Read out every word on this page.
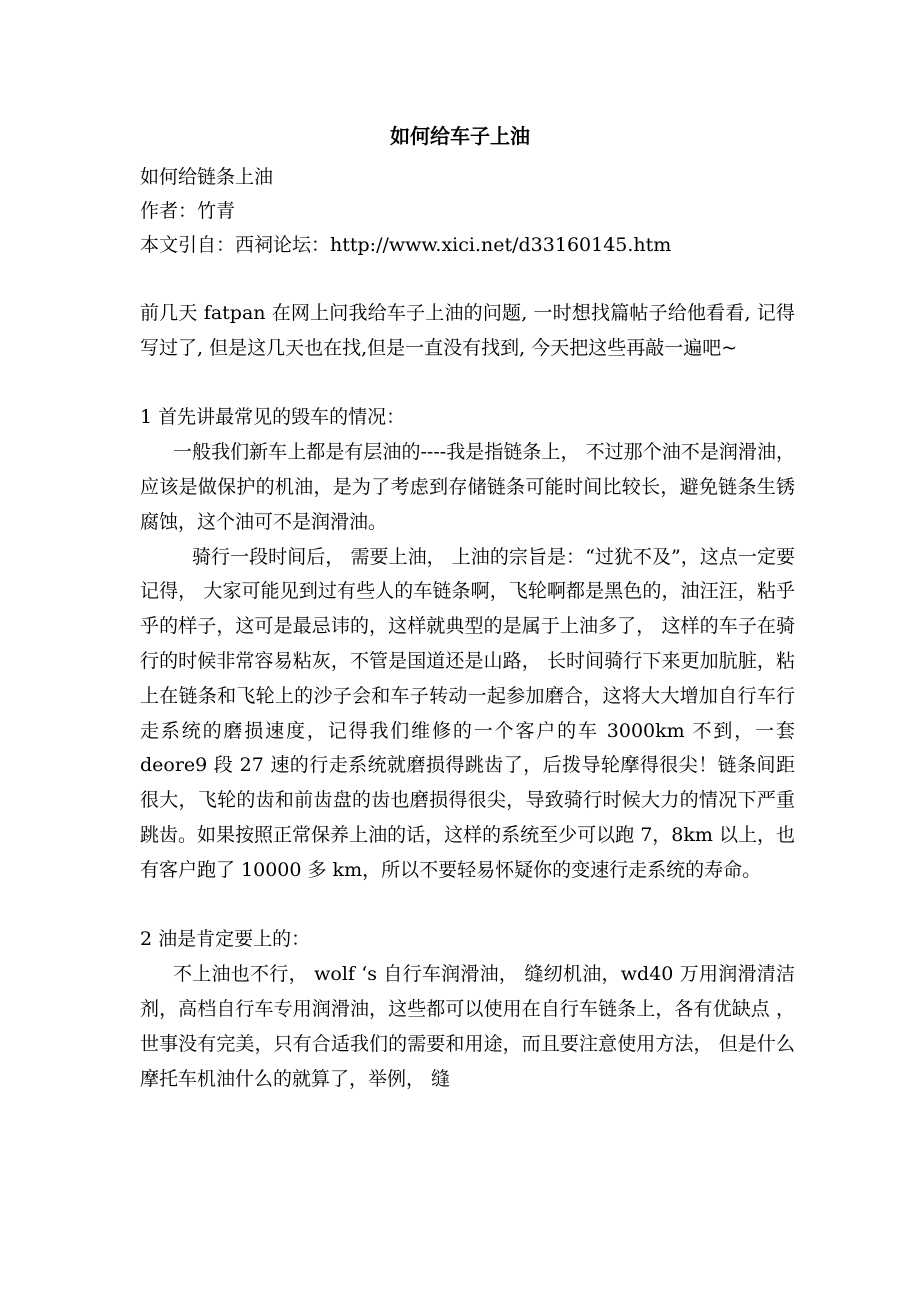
如何给车子上油
如何给链条上油
作者：竹青
本文引自：西祠论坛：http://www.xici.net/d33160145.htm

前几天 fatpan 在网上问我给车子上油的问题, 一时想找篇帖子给他看看, 记得写过了, 但是这几天也在找,但是一直没有找到, 今天把这些再敲一遍吧~

1 首先讲最常见的毁车的情况：

一般我们新车上都是有层油的----我是指链条上， 不过那个油不是润滑油， 应该是做保护的机油，是为了考虑到存储链条可能时间比较长，避免链条生锈腐蚀，这个油可不是润滑油。

骑行一段时间后， 需要上油， 上油的宗旨是：“过犹不及”，这点一定要记得， 大家可能见到过有些人的车链条啊，飞轮啊都是黑色的，油汪汪，粘乎乎的样子，这可是最忌讳的，这样就典型的是属于上油多了， 这样的车子在骑行的时候非常容易粘灰，不管是国道还是山路， 长时间骑行下来更加肮脏，粘上在链条和飞轮上的沙子会和车子转动一起参加磨合，这将大大增加自行车行走系统的磨损速度，记得我们维修的一个客户的车 3000km 不到，一套 deore9 段 27 速的行走系统就磨损得跳齿了，后拨导轮摩得很尖！链条间距很大，飞轮的齿和前齿盘的齿也磨损得很尖，导致骑行时候大力的情况下严重跳齿。如果按照正常保养上油的话，这样的系统至少可以跑 7，8km 以上，也有客户跑了 10000 多 km，所以不要轻易怀疑你的变速行走系统的寿命。

2 油是肯定要上的：

不上油也不行， wolf ‘s 自行车润滑油， 缝纫机油，wd40 万用润滑清洁剂，高档自行车专用润滑油，这些都可以使用在自行车链条上，各有优缺点 ，世事没有完美，只有合适我们的需要和用途，而且要注意使用方法， 但是什么摩托车机油什么的就算了，举例， 缝
